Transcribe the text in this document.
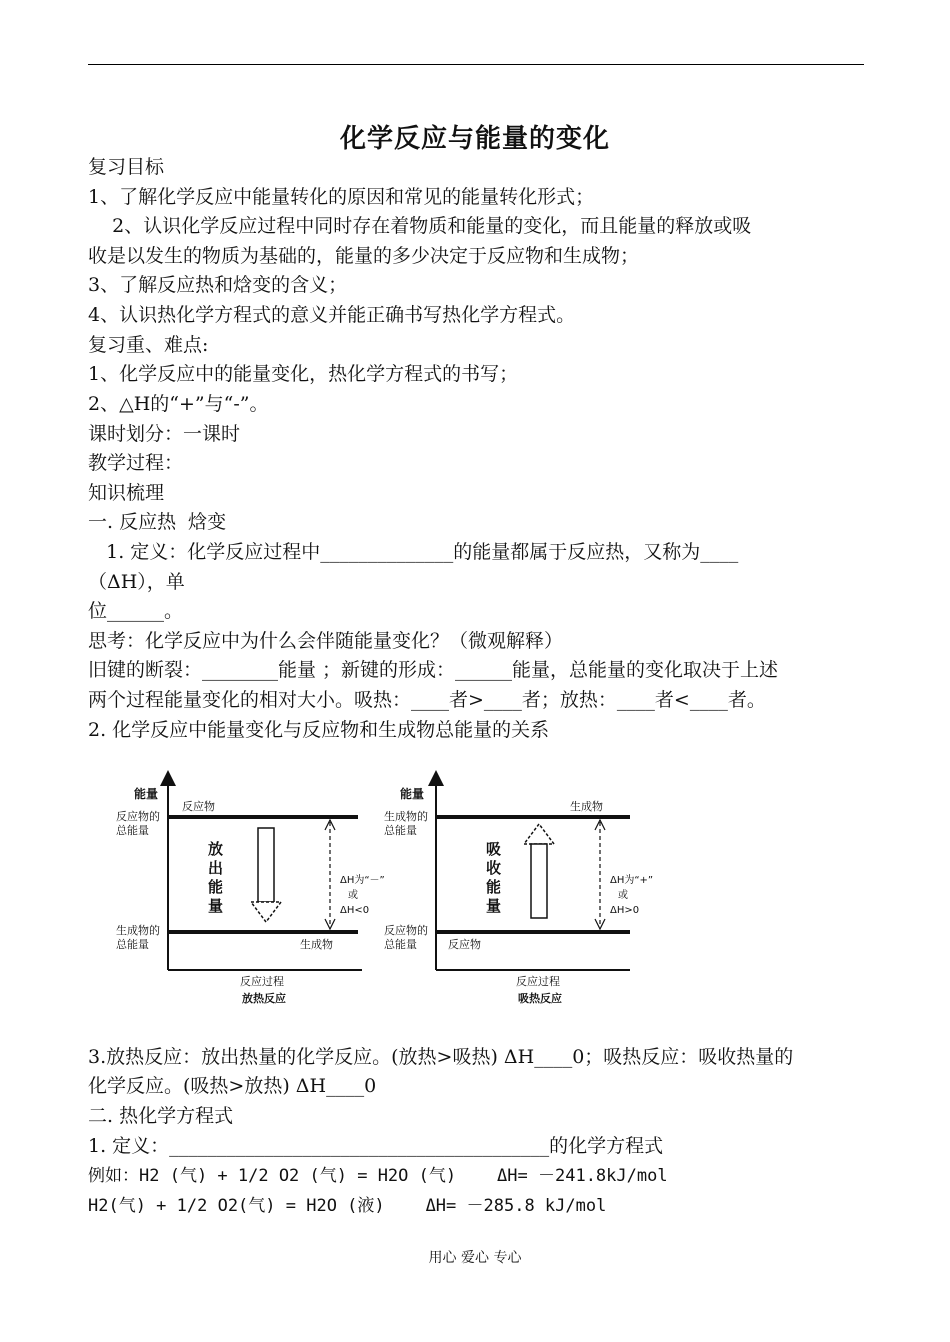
化学反应与能量的变化
复习目标
1、了解化学反应中能量转化的原因和常见的能量转化形式；
2、认识化学反应过程中同时存在着物质和能量的变化，而且能量的释放或吸
收是以发生的物质为基础的，能量的多少决定于反应物和生成物；
3、了解反应热和焓变的含义；
4、认识热化学方程式的意义并能正确书写热化学方程式。
复习重、难点:
1、化学反应中的能量变化，热化学方程式的书写；
2、△H的“+”与“-”。
课时划分：一课时
教学过程：
知识梳理
一. 反应热  焓变
1. 定义：化学反应过程中______________的能量都属于反应热，又称为____
（ΔH），单
位______。
思考：化学反应中为什么会伴随能量变化？（微观解释）
旧键的断裂：________能量 ；新键的形成：______能量，总能量的变化取决于上述
两个过程能量变化的相对大小。吸热：____者>____者；放热：____者<____者。
2. 化学反应中能量变化与反应物和生成物总能量的关系
能量
反应物
反应物的
总能量
生成物
生成物的
总能量
放
出
能
量
ΔH为“－”
或
ΔH<0
反应过程
放热反应
能量
生成物
生成物的
总能量
反应物
反应物的
总能量
吸
收
能
量
ΔH为“+”
或
ΔH>0
反应过程
吸热反应
3.放热反应：放出热量的化学反应。(放热>吸热) ΔH____0；吸热反应：吸收热量的
化学反应。(吸热>放热) ΔH____0
二. 热化学方程式
1. 定义：________________________________________的化学方程式
例如：H2 (气) + 1/2 O2 (气) = H2O (气)    ΔH= －241.8kJ/mol
H2(气) + 1/2 O2(气) = H2O (液)    ΔH= －285.8 kJ/mol
用心 爱心 专心
